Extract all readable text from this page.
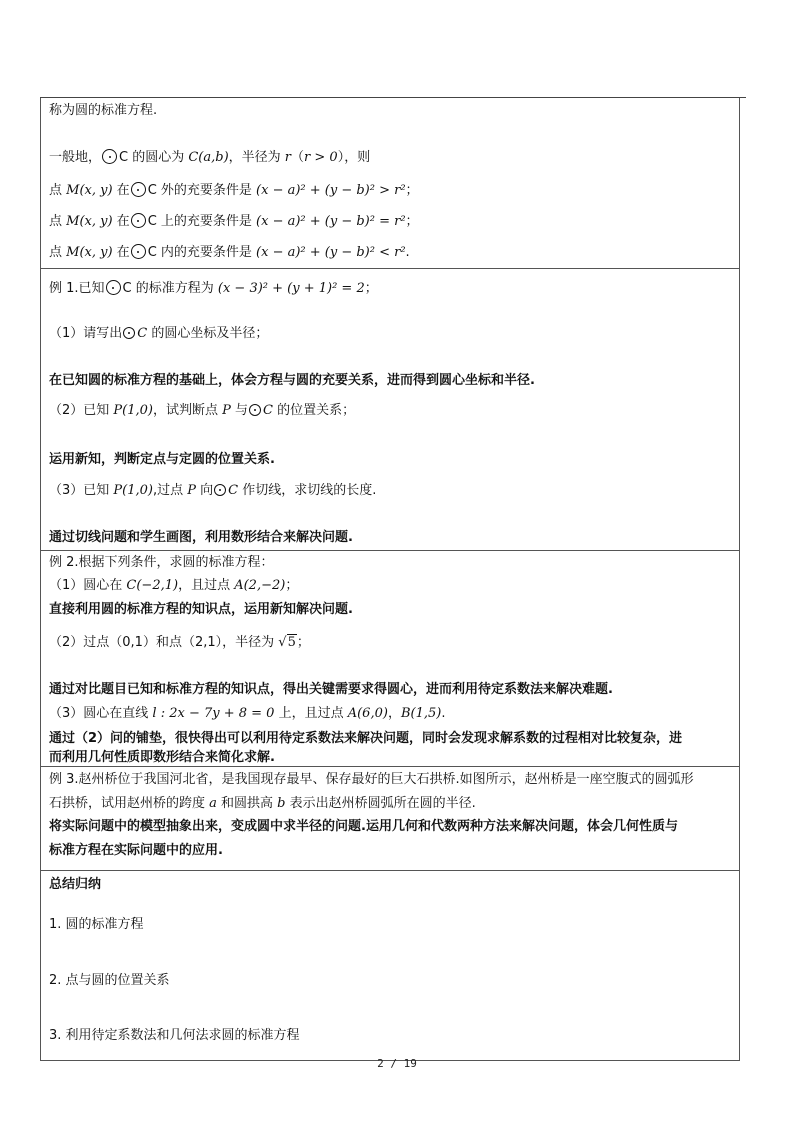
称为圆的标准方程.
一般地， C 的圆心为 C(a,b)，半径为 r（r > 0），则
点 M(x, y) 在 C 外的充要条件是 (x − a)² + (y − b)² > r²；
点 M(x, y) 在 C 上的充要条件是 (x − a)² + (y − b)² = r²；
点 M(x, y) 在 C 内的充要条件是 (x − a)² + (y − b)² < r².
例 1.已知 C 的标准方程为 (x − 3)² + (y + 1)² = 2；
（1）请写出 C 的圆心坐标及半径；
在已知圆的标准方程的基础上，体会方程与圆的充要关系，进而得到圆心坐标和半径.
（2）已知 P(1,0)，试判断点 P 与 C 的位置关系；
运用新知，判断定点与定圆的位置关系.
（3）已知 P(1,0),过点 P 向 C 作切线，求切线的长度.
通过切线问题和学生画图，利用数形结合来解决问题.
例 2.根据下列条件，求圆的标准方程：
（1）圆心在 C(−2,1)，且过点 A(2,−2)；
直接利用圆的标准方程的知识点，运用新知解决问题.
（2）过点（0,1）和点（2,1），半径为 √5；
通过对比题目已知和标准方程的知识点，得出关键需要求得圆心，进而利用待定系数法来解决难题.
（3）圆心在直线 l : 2x − 7y + 8 = 0 上，且过点 A(6,0)，B(1,5).
通过（2）问的铺垫，很快得出可以利用待定系数法来解决问题，同时会发现求解系数的过程相对比较复杂，进
而利用几何性质即数形结合来简化求解.
例 3.赵州桥位于我国河北省，是我国现存最早、保存最好的巨大石拱桥.如图所示，赵州桥是一座空腹式的圆弧形
石拱桥，试用赵州桥的跨度 a 和圆拱高 b 表示出赵州桥圆弧所在圆的半径.
将实际问题中的模型抽象出来，变成圆中求半径的问题.运用几何和代数两种方法来解决问题，体会几何性质与
标准方程在实际问题中的应用.
总结归纳
1. 圆的标准方程
2. 点与圆的位置关系
3. 利用待定系数法和几何法求圆的标准方程
2 / 19
